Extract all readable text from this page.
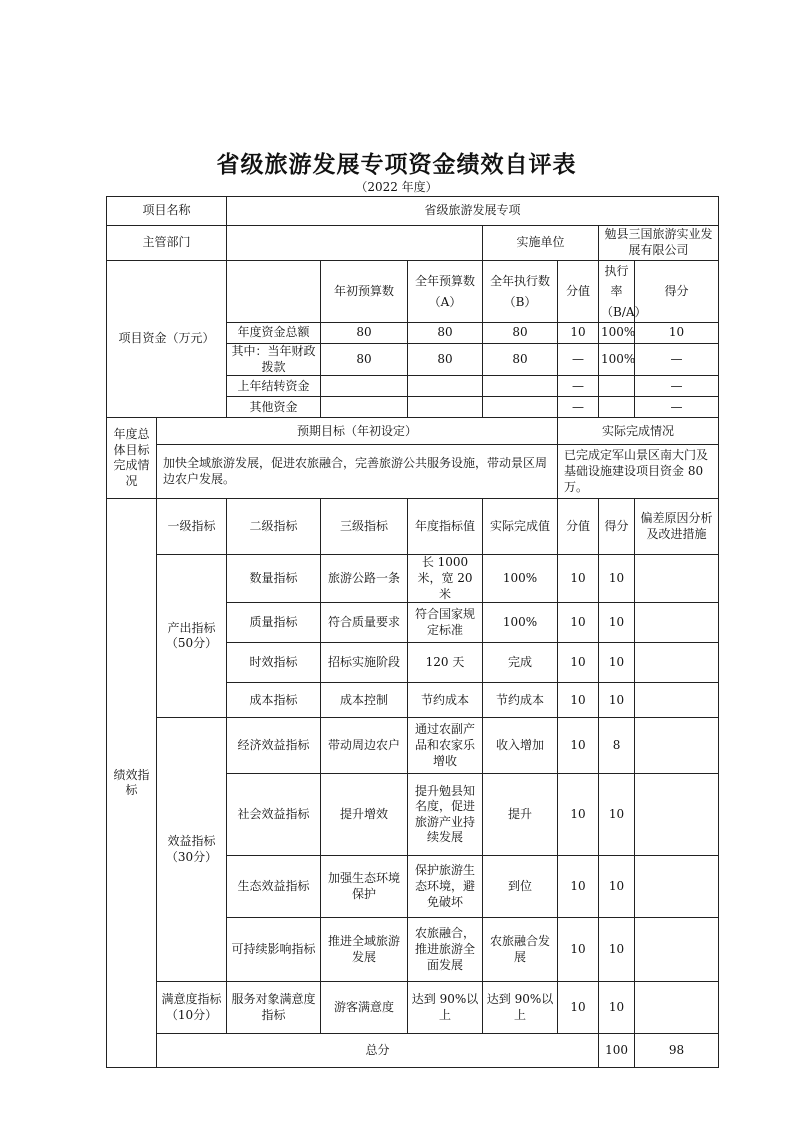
省级旅游发展专项资金绩效自评表
（2022 年度）
项目名称		省级旅游发展专项							
主管部门					实施单位		勉县三国旅游实业发展有限公司		
项目资金（万元）			年初预算数	全年预算数（A）	全年执行数（B）	分值	执行率（B/A）	得分	
		年度资金总额	80	80	80	10	100%	10	
		其中：当年财政拨款	80	80	80	—	100%	—	
		上年结转资金				—		—	
		其他资金				—		—	
年度总体目标完成情况	预期目标（年初设定）					实际完成情况			
	加快全域旅游发展，促进农旅融合，完善旅游公共服务设施，带动景区周边农户发展。					已完成定军山景区南大门及基础设施建设项目资金 80 万。			
绩效指标	一级指标	二级指标	三级指标	年度指标值	实际完成值	分值	得分	偏差原因分析及改进措施	
	产出指标（50分）	数量指标	旅游公路一条	长 1000 米，宽 20 米	100%	10	10		
		质量指标	符合质量要求	符合国家规定标准	100%	10	10		
		时效指标	招标实施阶段	120 天	完成	10	10		
		成本指标	成本控制	节约成本	节约成本	10	10		
	效益指标（30分）	经济效益指标	带动周边农户	通过农副产品和农家乐增收	收入增加	10	8		
		社会效益指标	提升增效	提升勉县知名度，促进旅游产业持续发展	提升	10	10		
		生态效益指标	加强生态环境保护	保护旅游生态环境，避免破坏	到位	10	10		
		可持续影响指标	推进全域旅游发展	农旅融合，推进旅游全面发展	农旅融合发展	10	10		
	满意度指标（10分）	服务对象满意度指标	游客满意度	达到 90%以上	达到 90%以上	10	10		
	总分						100	98	
